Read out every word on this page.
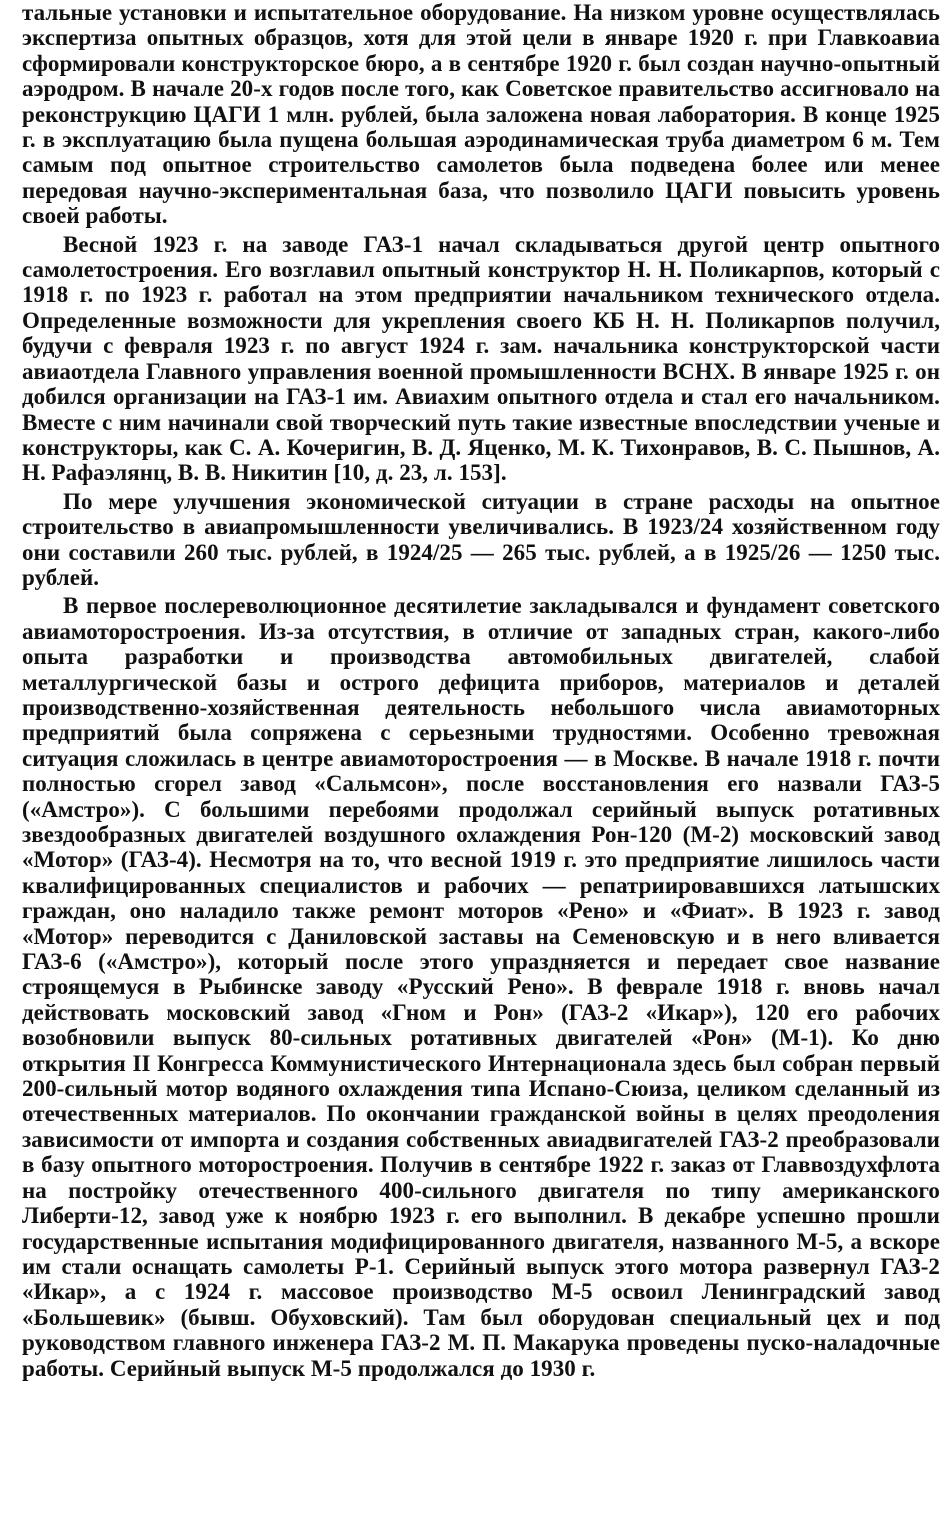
тальные установки и испытательное оборудование. На низком уровне осуществлялась экспертиза опытных образцов, хотя для этой цели в январе 1920 г. при Главкоавиа сформировали конструкторское бюро, а в сентябре 1920 г. был создан научно-опытный аэродром. В начале 20-х годов после того, как Советское правительство ассигновало на реконструкцию ЦАГИ 1 млн. рублей, была заложена новая лаборатория. В конце 1925 г. в эксплуатацию была пущена большая аэродинамическая труба диаметром 6 м. Тем самым под опытное строительство самолетов была подведена более или менее передовая научно-экспериментальная база, что позволило ЦАГИ повысить уровень своей работы.

Весной 1923 г. на заводе ГАЗ-1 начал складываться другой центр опытного самолетостроения. Его возглавил опытный конструктор Н. Н. Поликарпов, который с 1918 г. по 1923 г. работал на этом предприятии начальником технического отдела. Определенные возможности для укрепления своего КБ Н. Н. Поликарпов получил, будучи с февраля 1923 г. по август 1924 г. зам. начальника конструкторской части авиаотдела Главного управления военной промышленности ВСНХ. В январе 1925 г. он добился организации на ГАЗ-1 им. Авиахим опытного отдела и стал его начальником. Вместе с ним начинали свой творческий путь такие известные впоследствии ученые и конструкторы, как С. А. Кочеригин, В. Д. Яценко, М. К. Тихонравов, В. С. Пышнов, А. Н. Рафаэлянц, В. В. Никитин [10, д. 23, л. 153].

По мере улучшения экономической ситуации в стране расходы на опытное строительство в авиапромышленности увеличивались. В 1923/24 хозяйственном году они составили 260 тыс. рублей, в 1924/25 — 265 тыс. рублей, а в 1925/26 — 1250 тыс. рублей.

В первое послереволюционное десятилетие закладывался и фундамент советского авиамоторостроения. Из-за отсутствия, в отличие от западных стран, какого-либо опыта разработки и производства автомобильных двигателей, слабой металлургической базы и острого дефицита приборов, материалов и деталей производственно-хозяйственная деятельность небольшого числа авиамоторных предприятий была сопряжена с серьезными трудностями. Особенно тревожная ситуация сложилась в центре авиамоторостроения — в Москве. В начале 1918 г. почти полностью сгорел завод «Сальмсон», после восстановления его назвали ГАЗ-5 («Амстро»). С большими перебоями продолжал серийный выпуск ротативных звездообразных двигателей воздушного охлаждения Рон-120 (М-2) московский завод «Мотор» (ГАЗ-4). Несмотря на то, что весной 1919 г. это предприятие лишилось части квалифицированных специалистов и рабочих — репатриировавшихся латышских граждан, оно наладило также ремонт моторов «Рено» и «Фиат». В 1923 г. завод «Мотор» переводится с Даниловской заставы на Семеновскую и в него вливается ГАЗ-6 («Амстро»), который после этого упраздняется и передает свое название строящемуся в Рыбинске заводу «Русский Рено». В феврале 1918 г. вновь начал действовать московский завод «Гном и Рон» (ГАЗ-2 «Икар»), 120 его рабочих возобновили выпуск 80-сильных ротативных двигателей «Рон» (М-1). Ко дню открытия II Конгресса Коммунистического Интернационала здесь был собран первый 200-сильный мотор водяного охлаждения типа Испано-Сюиза, целиком сделанный из отечественных материалов. По окончании гражданской войны в целях преодоления зависимости от импорта и создания собственных авиадвигателей ГАЗ-2 преобразовали в базу опытного моторостроения. Получив в сентябре 1922 г. заказ от Главвоздухфлота на постройку отечественного 400-сильного двигателя по типу американского Либерти-12, завод уже к ноябрю 1923 г. его выполнил. В декабре успешно прошли государственные испытания модифицированного двигателя, названного М-5, а вскоре им стали оснащать самолеты Р-1. Серийный выпуск этого мотора развернул ГАЗ-2 «Икар», а с 1924 г. массовое производство М-5 освоил Ленинградский завод «Большевик» (бывш. Обуховский). Там был оборудован специальный цех и под руководством главного инженера ГАЗ-2 М. П. Макарука проведены пуско-наладочные работы. Серийный выпуск М-5 продолжался до 1930 г.
